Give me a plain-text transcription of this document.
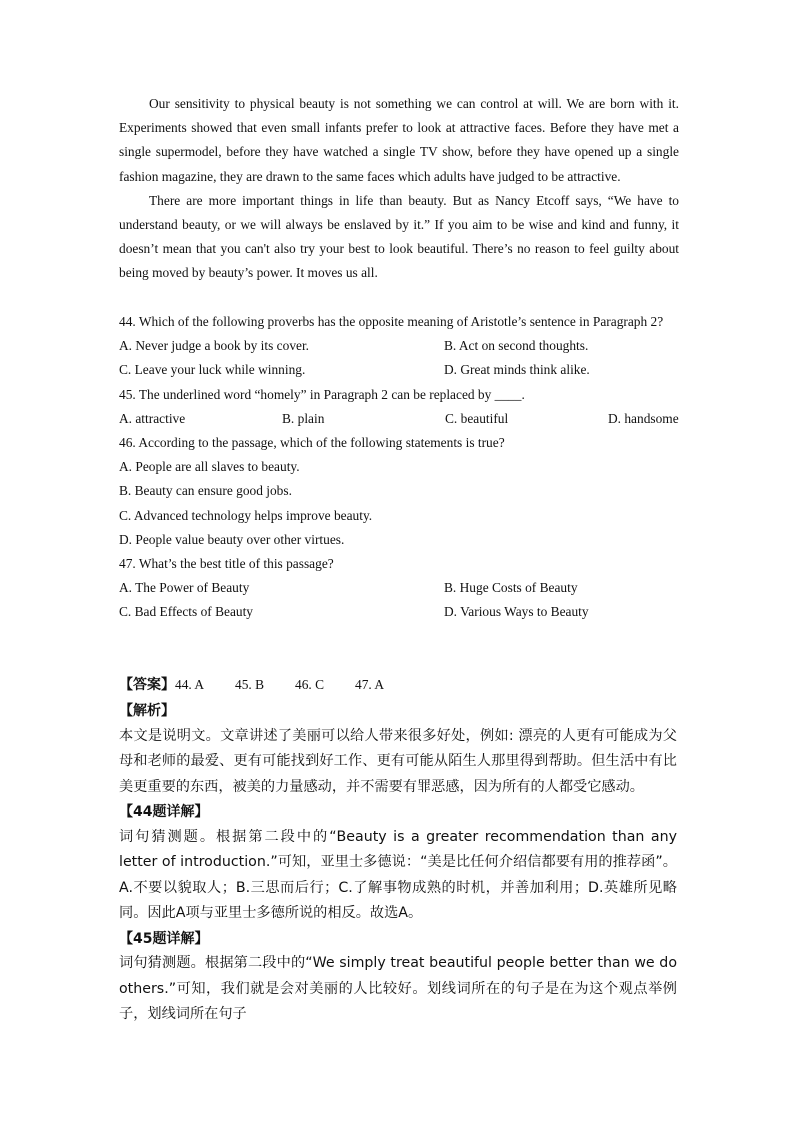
Our sensitivity to physical beauty is not something we can control at will. We are born with it. Experiments showed that even small infants prefer to look at attractive faces. Before they have met a single supermodel, before they have watched a single TV show, before they have opened up a single fashion magazine, they are drawn to the same faces which adults have judged to be attractive.

There are more important things in life than beauty. But as Nancy Etcoff says, “We have to understand beauty, or we will always be enslaved by it.” If you aim to be wise and kind and funny, it doesn’t mean that you can't also try your best to look beautiful. There’s no reason to feel guilty about being moved by beauty’s power. It moves us all.

44. Which of the following proverbs has the opposite meaning of Aristotle’s sentence in Paragraph 2?

A. Never judge a book by its cover.	B. Act on second thoughts.
C. Leave your luck while winning.	D. Great minds think alike.

45. The underlined word “homely” in Paragraph 2 can be replaced by ____.

A. attractive	B. plain	C. beautiful	D. handsome

46. According to the passage, which of the following statements is true?

A. People are all slaves to beauty.
B. Beauty can ensure good jobs.
C. Advanced technology helps improve beauty.
D. People value beauty over other virtues.

47. What’s the best title of this passage?

A. The Power of Beauty	B. Huge Costs of Beauty
C. Bad Effects of Beauty	D. Various Ways to Beauty
【答案】 44. A	45. B	46. C	47. A
【解析】

本文是说明文。文章讲述了美丽可以给人带来很多好处，例如: 漂亮的人更有可能成为父母和老师的最爱、更有可能找到好工作、更有可能从陌生人那里得到帮助。但生活中有比美更重要的东西，被美的力量感动，并不需要有罪恶感，因为所有的人都受它感动。

【44题详解】

词句猜测题。根据第二段中的“Beauty is a greater recommendation than any letter of introduction.”可知，亚里士多德说：“美是比任何介绍信都要有用的推荐函”。A.不要以貌取人；B.三思而后行；C.了解事物成熟的时机，并善加利用；D.英雄所见略同。因此A项与亚里士多德所说的相反。故选A。

【45题详解】

词句猜测题。根据第二段中的“We simply treat beautiful people better than we do others.”可知，我们就是会对美丽的人比较好。划线词所在的句子是在为这个观点举例子，划线词所在句子
